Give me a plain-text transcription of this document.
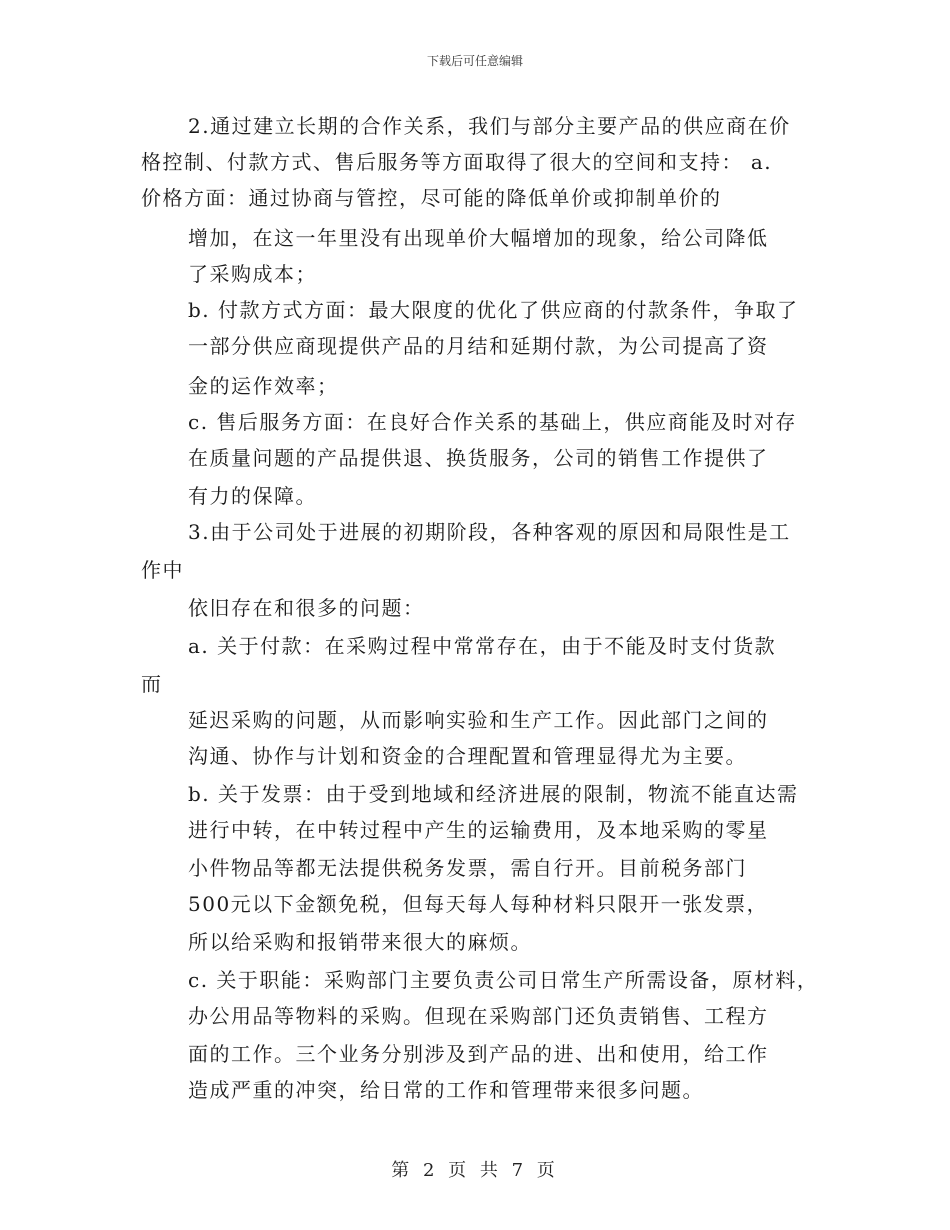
下载后可任意编辑
2.通过建立长期的合作关系，我们与部分主要产品的供应商在价
格控制、付款方式、售后服务等方面取得了很大的空间和支持： a.
价格方面：通过协商与管控，尽可能的降低单价或抑制单价的
增加，在这一年里没有出现单价大幅增加的现象，给公司降低
了采购成本；
b. 付款方式方面：最大限度的优化了供应商的付款条件，争取了
一部分供应商现提供产品的月结和延期付款，为公司提高了资
金的运作效率；
c. 售后服务方面：在良好合作关系的基础上，供应商能及时对存
在质量问题的产品提供退、换货服务，公司的销售工作提供了
有力的保障。
3.由于公司处于进展的初期阶段，各种客观的原因和局限性是工
作中
依旧存在和很多的问题：
a. 关于付款：在采购过程中常常存在，由于不能及时支付货款
而
延迟采购的问题，从而影响实验和生产工作。因此部门之间的
沟通、协作与计划和资金的合理配置和管理显得尤为主要。
b. 关于发票：由于受到地域和经济进展的限制，物流不能直达需
进行中转，在中转过程中产生的运输费用，及本地采购的零星
小件物品等都无法提供税务发票，需自行开。目前税务部门
500元以下金额免税，但每天每人每种材料只限开一张发票，
所以给采购和报销带来很大的麻烦。
c. 关于职能：采购部门主要负责公司日常生产所需设备，原材料，
办公用品等物料的采购。但现在采购部门还负责销售、工程方
面的工作。三个业务分别涉及到产品的进、出和使用，给工作
造成严重的冲突，给日常的工作和管理带来很多问题。
第 2 页 共 7 页
